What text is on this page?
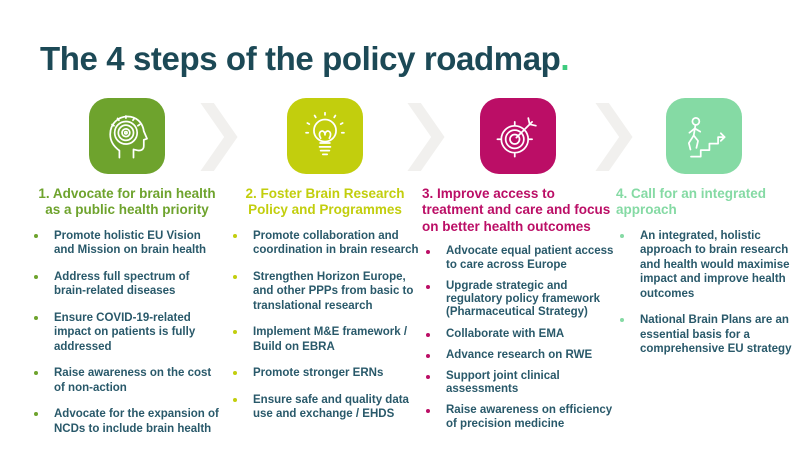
The 4 steps of the policy roadmap.
1. Advocate for brain health as a public health priority
Promote holistic EU Vision and Mission on brain health
Address full spectrum of brain-related diseases
Ensure COVID-19-related impact on patients is fully addressed
Raise awareness on the cost of non-action
Advocate for the expansion of NCDs to include brain health
2. Foster Brain Research Policy and Programmes
Promote collaboration and coordination in brain research
Strengthen Horizon Europe, and other PPPs from basic to translational research
Implement M&E framework / Build on EBRA
Promote stronger ERNs
Ensure safe and quality data use and exchange / EHDS
3. Improve access to treatment and care and focus on better health outcomes
Advocate equal patient access to care across Europe
Upgrade strategic and regulatory policy framework (Pharmaceutical Strategy)
Collaborate with EMA
Advance research on RWE
Support joint clinical assessments
Raise awareness on efficiency of precision medicine
4. Call for an integrated approach
An integrated, holistic approach to brain research and health would maximise impact and improve health outcomes
National Brain Plans are an essential basis for a comprehensive EU strategy
